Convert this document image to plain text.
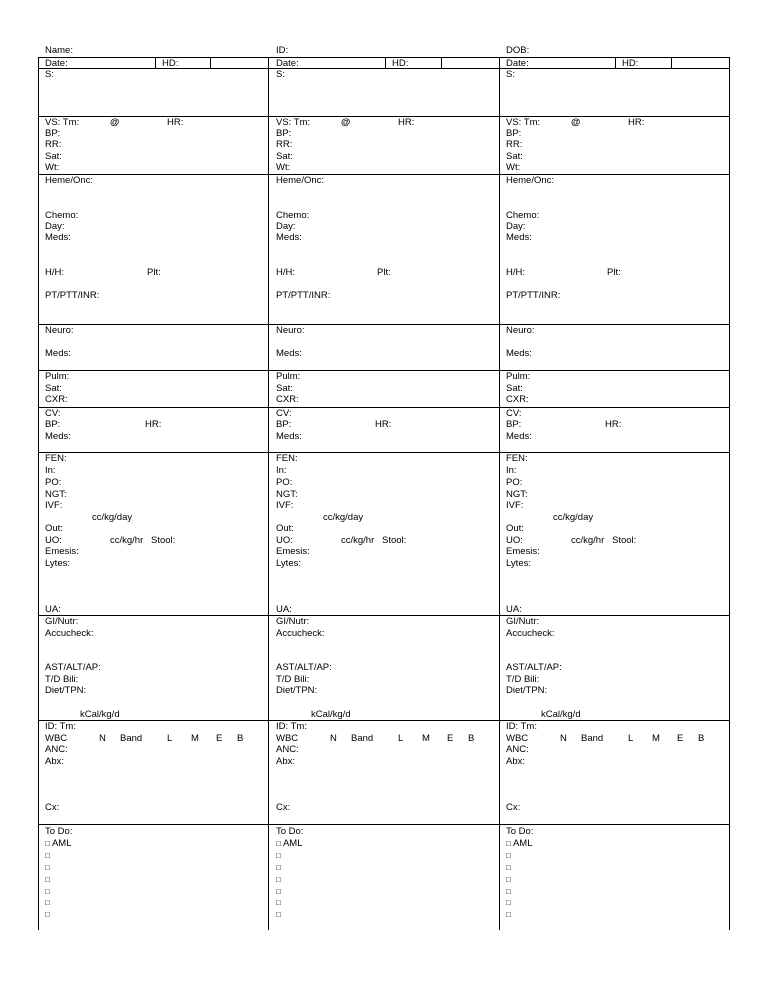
Name:	ID:	DOB:
Date:	HD:
S:
VS: Tm:	@	HR:
BP:
RR:
Sat:
Wt:
Heme/Onc:
Chemo:
Day:
Meds:
H/H:	Plt:
PT/PTT/INR:
Neuro:
Meds:
Pulm:
Sat:
CXR:
CV:
BP:	HR:
Meds:
FEN:
In:
PO:
NGT:
IVF:
cc/kg/day
Out:
UO:	cc/kg/hr Stool:
Emesis:
Lytes:
UA:
GI/Nutr:
Accucheck:
AST/ALT/AP:
T/D Bili:
Diet/TPN:
kCal/kg/d
ID: Tm:
WBC	N Band	L M E B
ANC:
Abx:
Cx:
To Do:
□ AML
□
□
□
□
□
□
Date:	HD:
S:
VS: Tm:	@	HR:
BP:
RR:
Sat:
Wt:
Heme/Onc:
Chemo:
Day:
Meds:
H/H:	Plt:
PT/PTT/INR:
Neuro:
Meds:
Pulm:
Sat:
CXR:
CV:
BP:	HR:
Meds:
FEN:
In:
PO:
NGT:
IVF:
cc/kg/day
Out:
UO:	cc/kg/hr Stool:
Emesis:
Lytes:
UA:
GI/Nutr:
Accucheck:
AST/ALT/AP:
T/D Bili:
Diet/TPN:
kCal/kg/d
ID: Tm:
WBC	N Band	L M E B
ANC:
Abx:
Cx:
To Do:
□ AML
□
□
□
□
□
□
Date:	HD:
S:
VS: Tm:	@	HR:
BP:
RR:
Sat:
Wt:
Heme/Onc:
Chemo:
Day:
Meds:
H/H:	Plt:
PT/PTT/INR:
Neuro:
Meds:
Pulm:
Sat:
CXR:
CV:
BP:	HR:
Meds:
FEN:
In:
PO:
NGT:
IVF:
cc/kg/day
Out:
UO:	cc/kg/hr Stool:
Emesis:
Lytes:
UA:
GI/Nutr:
Accucheck:
AST/ALT/AP:
T/D Bili:
Diet/TPN:
kCal/kg/d
ID: Tm:
WBC	N Band	L M E B
ANC:
Abx:
Cx:
To Do:
□ AML
□
□
□
□
□
□
